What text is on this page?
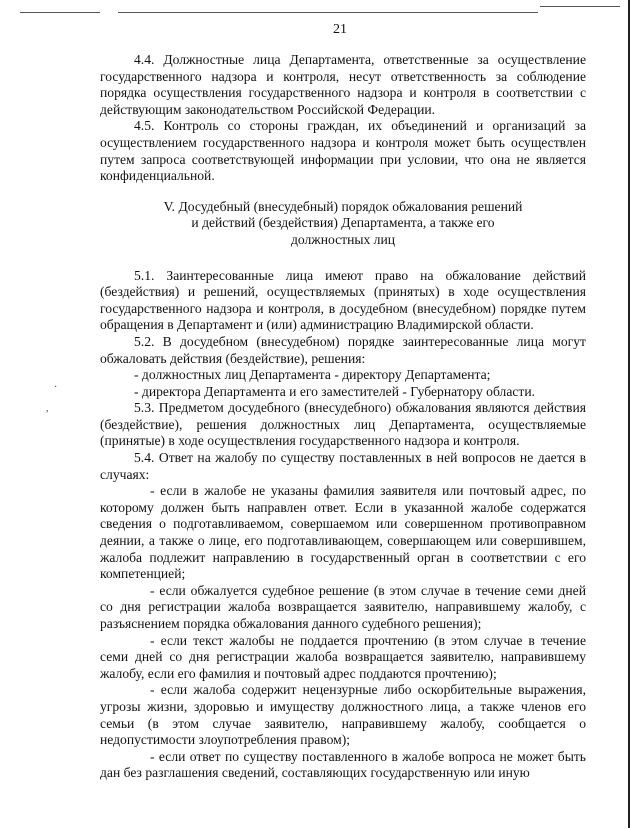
21

4.4. Должностные лица Департамента, ответственные за осуществление государственного надзора и контроля, несут ответственность за соблюдение порядка осуществления государственного надзора и контроля в соответствии с действующим законодательством Российской Федерации.

4.5. Контроль со стороны граждан, их объединений и организаций за осуществлением государственного надзора и контроля может быть осуществлен путем запроса соответствующей информации при условии, что она не является конфиденциальной.

V. Досудебный (внесудебный) порядок обжалования решений
и действий (бездействия) Департамента, а также его
должностных лиц

5.1. Заинтересованные лица имеют право на обжалование действий (бездействия) и решений, осуществляемых (принятых) в ходе осуществления государственного надзора и контроля, в досудебном (внесудебном) порядке путем обращения в Департамент и (или) администрацию Владимирской области.

5.2. В досудебном (внесудебном) порядке заинтересованные лица могут обжаловать действия (бездействие), решения:

- должностных лиц Департамента - директору Департамента;

- директора Департамента и его заместителей - Губернатору области.

5.3. Предметом досудебного (внесудебного) обжалования являются действия (бездействие), решения должностных лиц Департамента, осуществляемые (принятые) в ходе осуществления государственного надзора и контроля.

5.4. Ответ на жалобу по существу поставленных в ней вопросов не дается в случаях:

- если в жалобе не указаны фамилия заявителя или почтовый адрес, по которому должен быть направлен ответ. Если в указанной жалобе содержатся сведения о подготавливаемом, совершаемом или совершенном противоправном деянии, а также о лице, его подготавливающем, совершающем или совершившем, жалоба подлежит направлению в государственный орган в соответствии с его компетенцией;

- если обжалуется судебное решение (в этом случае в течение семи дней со дня регистрации жалоба возвращается заявителю, направившему жалобу, с разъяснением порядка обжалования данного судебного решения);

- если текст жалобы не поддается прочтению (в этом случае в течение семи дней со дня регистрации жалоба возвращается заявителю, направившему жалобу, если его фамилия и почтовый адрес поддаются прочтению);

- если жалоба содержит нецензурные либо оскорбительные выражения, угрозы жизни, здоровью и имуществу должностного лица, а также членов его семьи (в этом случае заявителю, направившему жалобу, сообщается о недопустимости злоупотребления правом);

- если ответ по существу поставленного в жалобе вопроса не может быть дан без разглашения сведений, составляющих государственную или иную

·
,
